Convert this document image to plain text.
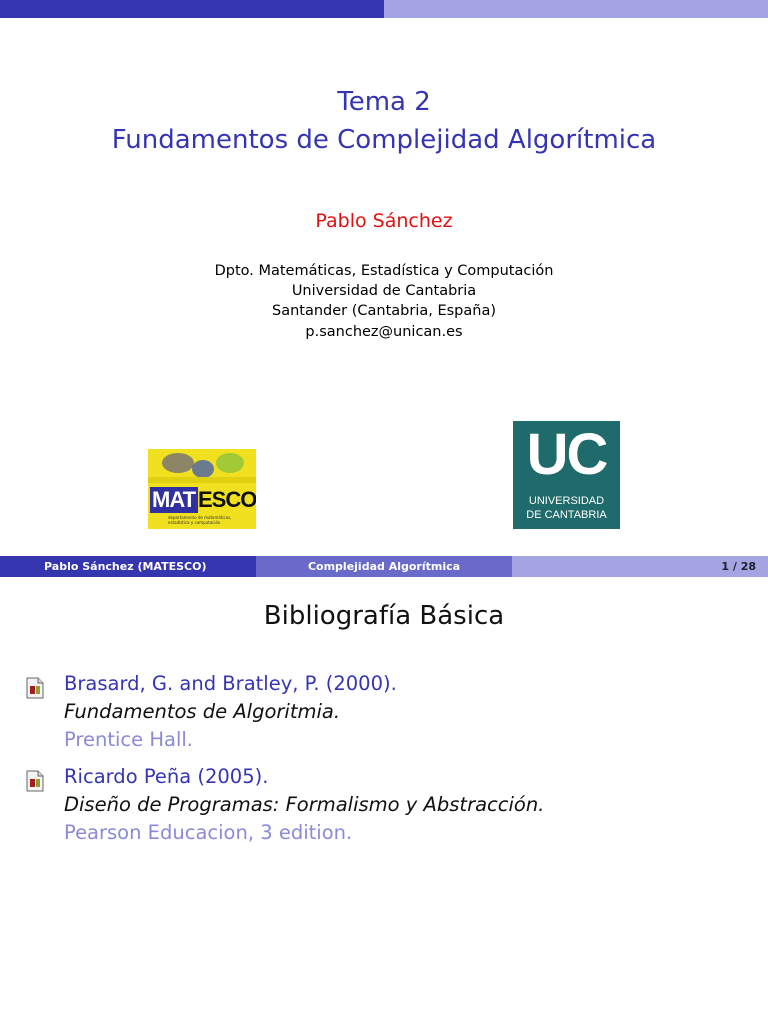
Tema 2
Fundamentos de Complejidad Algorítmica
Pablo Sánchez
Dpto. Matemáticas, Estadística y Computación
Universidad de Cantabria
Santander (Cantabria, España)
p.sanchez@unican.es
MAT ESCO
departamento de matemáticas, estadística y computación
UC
UNIVERSIDAD
DE CANTABRIA
Pablo Sánchez (MATESCO)	Complejidad Algorítmica	1 / 28
Bibliografía Básica
Brasard, G. and Bratley, P. (2000).
Fundamentos de Algoritmia.
Prentice Hall.
Ricardo Peña (2005).
Diseño de Programas: Formalismo y Abstracción.
Pearson Educacion, 3 edition.
